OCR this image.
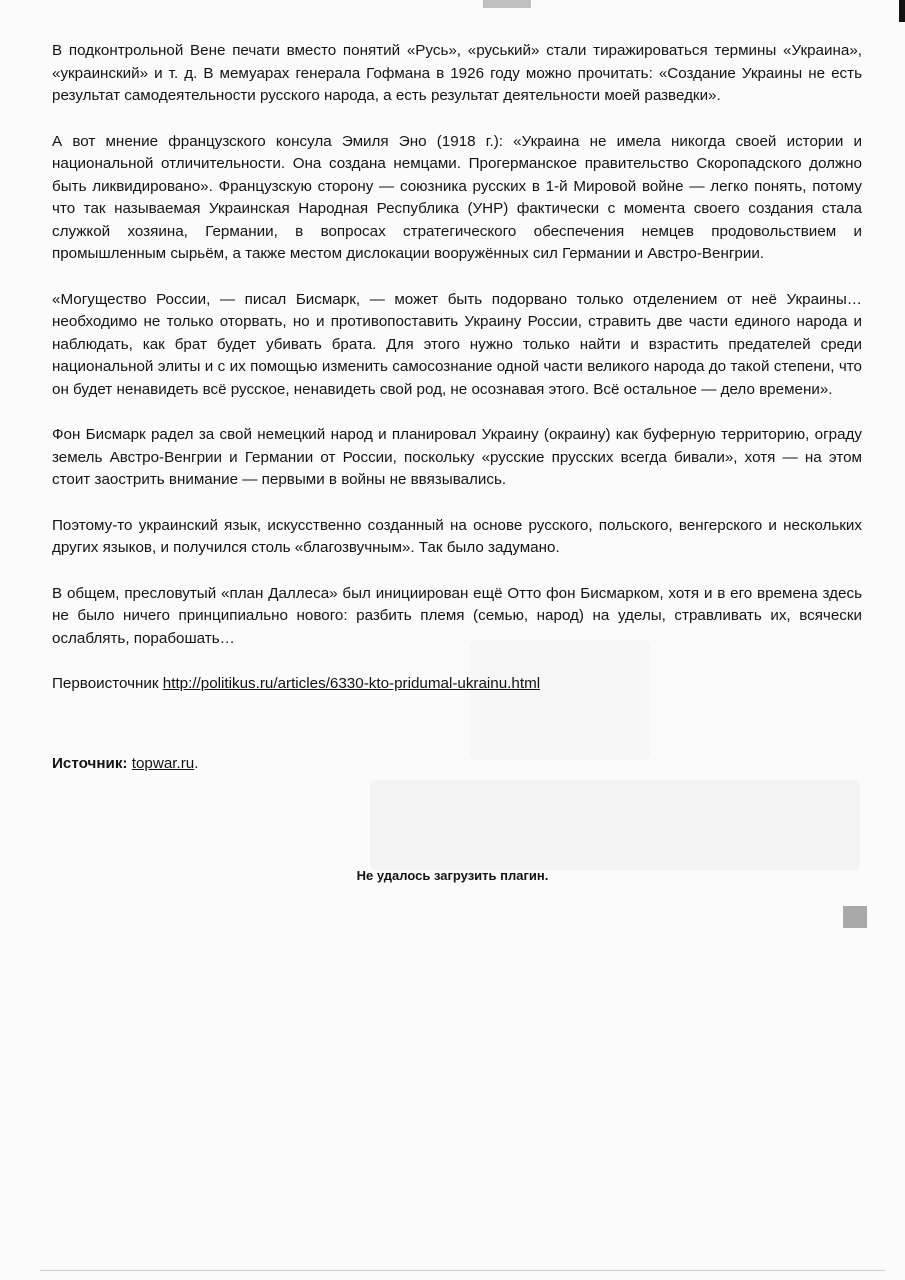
В подконтрольной Вене печати вместо понятий «Русь», «руський» стали тиражироваться термины «Украина», «украинский» и т. д. В мемуарах генерала Гофмана в 1926 году можно прочитать: «Создание Украины не есть результат самодеятельности русского народа, а есть результат деятельности моей разведки».

А вот мнение французского консула Эмиля Эно (1918 г.): «Украина не имела никогда своей истории и национальной отличительности. Она создана немцами. Прогерманское правительство Скоропадского должно быть ликвидировано». Французскую сторону — союзника русских в 1-й Мировой войне — легко понять, потому что так называемая Украинская Народная Республика (УНР) фактически с момента своего создания стала служкой хозяина, Германии, в вопросах стратегического обеспечения немцев продовольствием и промышленным сырьём, а также местом дислокации вооружённых сил Германии и Австро-Венгрии.

«Могущество России, — писал Бисмарк, — может быть подорвано только отделением от неё Украины… необходимо не только оторвать, но и противопоставить Украину России, стравить две части единого народа и наблюдать, как брат будет убивать брата. Для этого нужно только найти и взрастить предателей среди национальной элиты и с их помощью изменить самосознание одной части великого народа до такой степени, что он будет ненавидеть всё русское, ненавидеть свой род, не осознавая этого. Всё остальное — дело времени».

Фон Бисмарк радел за свой немецкий народ и планировал Украину (окраину) как буферную территорию, ограду земель Австро-Венгрии и Германии от России, поскольку «русские прусских всегда бивали», хотя — на этом стоит заострить внимание — первыми в войны не ввязывались.

Поэтому-то украинский язык, искусственно созданный на основе русского, польского, венгерского и нескольких других языков, и получился столь «благозвучным». Так было задумано.

В общем, пресловутый «план Даллеса» был инициирован ещё Отто фон Бисмарком, хотя и в его времена здесь не было ничего принципиально нового: разбить племя (семью, народ) на уделы, стравливать их, всячески ослаблять, порабошать…

Первоисточник http://politikus.ru/articles/6330-kto-pridumal-ukrainu.html

Источник: topwar.ru.

Не удалось загрузить плагин.
